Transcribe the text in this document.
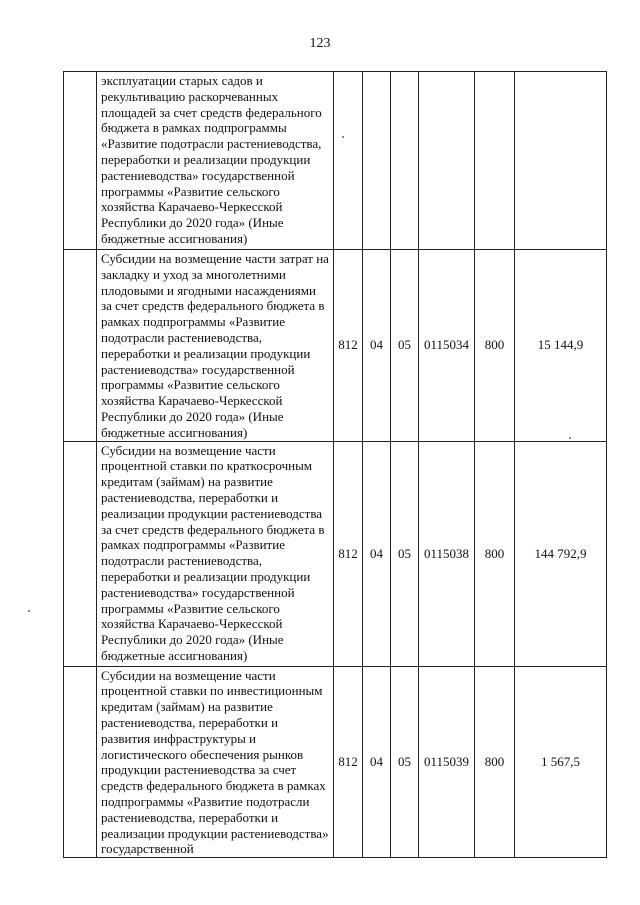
123
	эксплуатации старых садов и рекультивацию раскорчеванных площадей за счет средств федерального бюджета в рамках подпрограммы «Развитие подотрасли растениеводства, переработки и реализации продукции растениеводства» государственной программы «Развитие сельского хозяйства Карачаево-Черкесской Республики до 2020 года» (Иные бюджетные ассигнования)						
	Субсидии на возмещение части затрат на закладку и уход за многолетними плодовыми и ягодными насаждениями за счет средств федерального бюджета в рамках подпрограммы «Развитие подотрасли растениеводства, переработки и реализации продукции растениеводства» государственной программы «Развитие сельского хозяйства Карачаево-Черкесской Республики до 2020 года» (Иные бюджетные ассигнования)	812	04	05	0115034	800	15 144,9
	Субсидии на возмещение части процентной ставки по краткосрочным кредитам (займам) на развитие растениеводства, переработки и реализации продукции растениеводства за счет средств федерального бюджета в рамках подпрограммы «Развитие подотрасли растениеводства, переработки и реализации продукции растениеводства» государственной программы «Развитие сельского хозяйства Карачаево-Черкесской Республики до 2020 года» (Иные бюджетные ассигнования)	812	04	05	0115038	800	144 792,9
	Субсидии на возмещение части процентной ставки по инвестиционным кредитам (займам) на развитие растениеводства, переработки и развития инфраструктуры и логистического обеспечения рынков продукции растениеводства за счет средств федерального бюджета в рамках подпрограммы «Развитие подотрасли растениеводства, переработки и реализации продукции растениеводства» государственной	812	04	05	0115039	800	1 567,5
